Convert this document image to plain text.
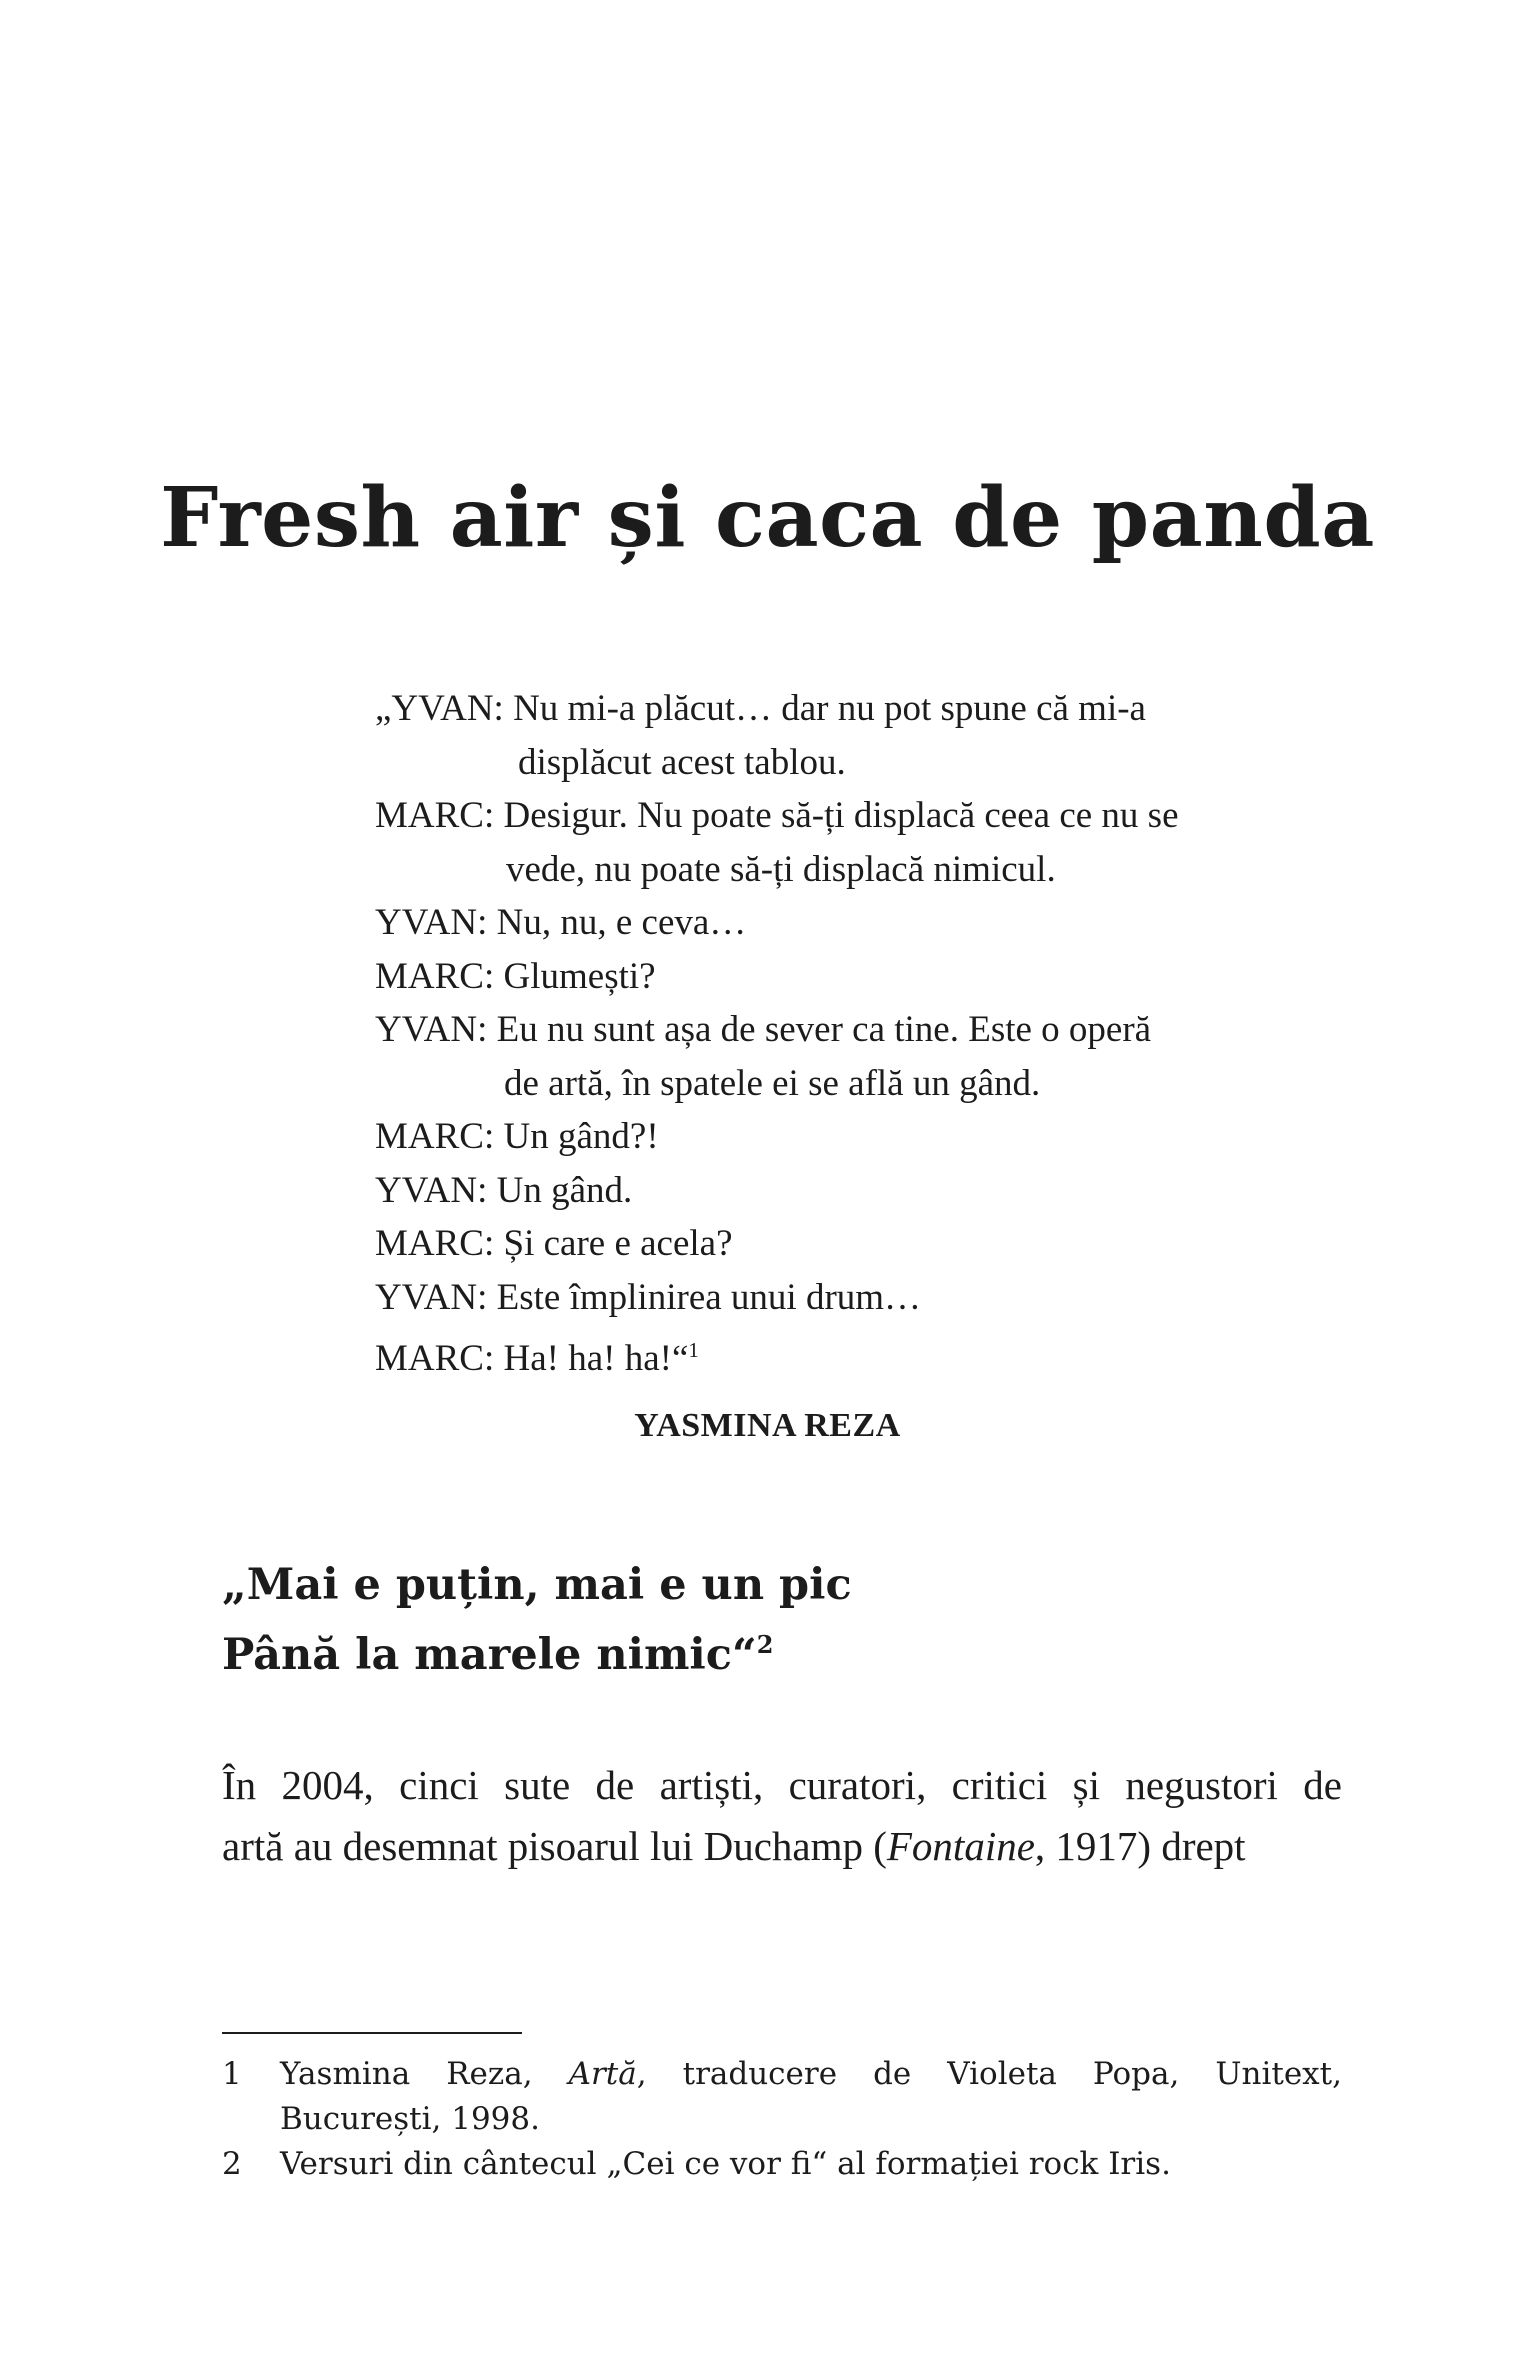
Fresh air și caca de panda
„YVAN: Nu mi-a plăcut… dar nu pot spune că mi-a
displăcut acest tablou.
MARC: Desigur. Nu poate să-ți displacă ceea ce nu se
vede, nu poate să-ți displacă nimicul.
YVAN: Nu, nu, e ceva…
MARC: Glumești?
YVAN: Eu nu sunt așa de sever ca tine. Este o operă
de artă, în spatele ei se află un gând.
MARC: Un gând?!
YVAN: Un gând.
MARC: Și care e acela?
YVAN: Este împlinirea unui drum…
MARC: Ha! ha! ha!“$^1$
YASMINA REZA
„Mai e puțin, mai e un pic
Până la marele nimic“$^2$
În 2004, cinci sute de artiști, curatori, critici și negustori de
artă au desemnat pisoarul lui Duchamp (Fontaine, 1917) drept
1 Yasmina Reza, Artă, traducere de Violeta Popa, Unitext,
București, 1998.
2 Versuri din cântecul „Cei ce vor fi“ al formației rock Iris.
